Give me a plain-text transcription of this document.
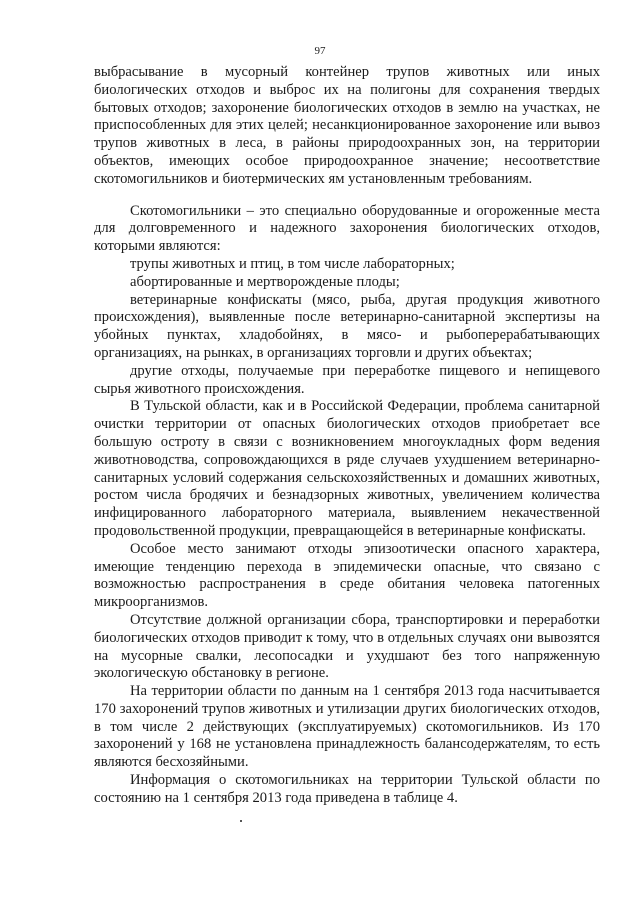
97

выбрасывание в мусорный контейнер трупов животных или иных биологических отходов и выброс их на полигоны для сохранения твердых бытовых отходов; захоронение биологических отходов в землю на участках, не приспособленных для этих целей; несанкционированное захоронение или вывоз трупов животных в леса, в районы природоохранных зон, на территории объектов, имеющих особое природоохранное значение; несоответствие скотомогильников и биотермических ям установленным требованиям.

Скотомогильники – это специально оборудованные и огороженные места для долговременного и надежного захоронения биологических отходов, которыми являются:

трупы животных и птиц, в том числе лабораторных;

абортированные и мертворожденые плоды;

ветеринарные конфискаты (мясо, рыба, другая продукция животного происхождения), выявленные после ветеринарно-санитарной экспертизы на убойных пунктах, хладобойнях, в мясо- и рыбоперерабатывающих организациях, на рынках, в организациях торговли и других объектах;

другие отходы, получаемые при переработке пищевого и непищевого сырья животного происхождения.

В Тульской области, как и в Российской Федерации, проблема санитарной очистки территории от опасных биологических отходов приобретает все большую остроту в связи с возникновением многоукладных форм ведения животноводства, сопровождающихся в ряде случаев ухудшением ветеринарно-санитарных условий содержания сельскохозяйственных и домашних животных, ростом числа бродячих и безнадзорных животных, увеличением количества инфицированного лабораторного материала, выявлением некачественной продовольственной продукции, превращающейся в ветеринарные конфискаты.

Особое место занимают отходы эпизоотически опасного характера, имеющие тенденцию перехода в эпидемически опасные, что связано с возможностью распространения в среде обитания человека патогенных микроорганизмов.

Отсутствие должной организации сбора, транспортировки и переработки биологических отходов приводит к тому, что в отдельных случаях они вывозятся на мусорные свалки, лесопосадки и ухудшают без того напряженную экологическую обстановку в регионе.

На территории области по данным на 1 сентября 2013 года насчитывается 170 захоронений трупов животных и утилизации других биологических отходов, в том числе 2 действующих (эксплуатируемых) скотомогильников. Из 170 захоронений у 168 не установлена принадлежность балансодержателям, то есть являются бесхозяйными.

Информация о скотомогильниках на территории Тульской области по состоянию на 1 сентября 2013 года приведена в таблице 4.
